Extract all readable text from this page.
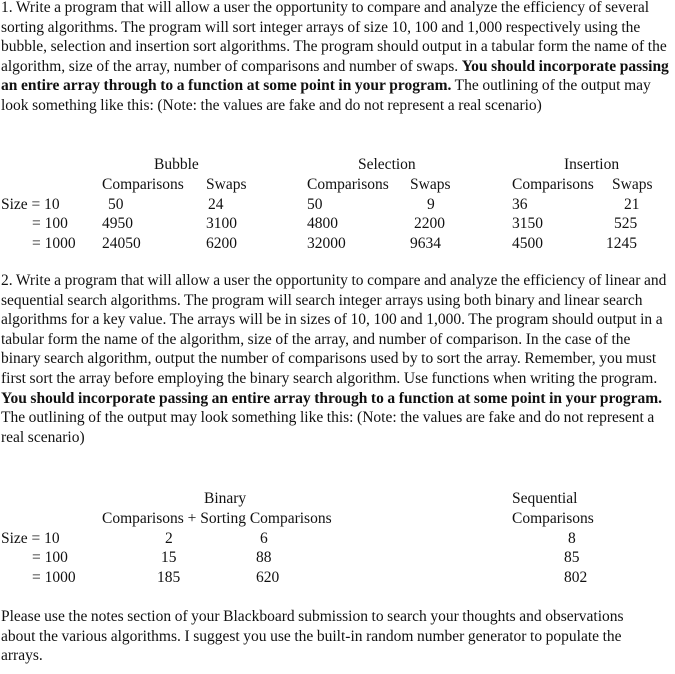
1. Write a program that will allow a user the opportunity to compare and analyze the efficiency of several sorting algorithms. The program will sort integer arrays of size 10, 100 and 1,000 respectively using the bubble, selection and insertion sort algorithms. The program should output in a tabular form the name of the algorithm, size of the array, number of comparisons and number of swaps. You should incorporate passing an entire array through to a function at some point in your program. The outlining of the output may look something like this: (Note: the values are fake and do not represent a real scenario)

Bubble	Selection	Insertion
Comparisons Swaps	Comparisons Swaps	Comparisons Swaps
Size = 10	50	24	50	9	36	21
= 100 4950	3100	4800	2200	3150	525
= 1000 24050	6200	32000	9634	4500	1245

2. Write a program that will allow a user the opportunity to compare and analyze the efficiency of linear and sequential search algorithms. The program will search integer arrays using both binary and linear search algorithms for a key value. The arrays will be in sizes of 10, 100 and 1,000. The program should output in a tabular form the name of the algorithm, size of the array, and number of comparison. In the case of the binary search algorithm, output the number of comparisons used by to sort the array. Remember, you must first sort the array before employing the binary search algorithm. Use functions when writing the program. You should incorporate passing an entire array through to a function at some point in your program. The outlining of the output may look something like this: (Note: the values are fake and do not represent a real scenario)

Binary	Sequential
Comparisons + Sorting Comparisons	Comparisons
Size = 10	2	6	8
= 100	15	88	85
= 1000	185	620	802

Please use the notes section of your Blackboard submission to search your thoughts and observations about the various algorithms. I suggest you use the built-in random number generator to populate the arrays.
